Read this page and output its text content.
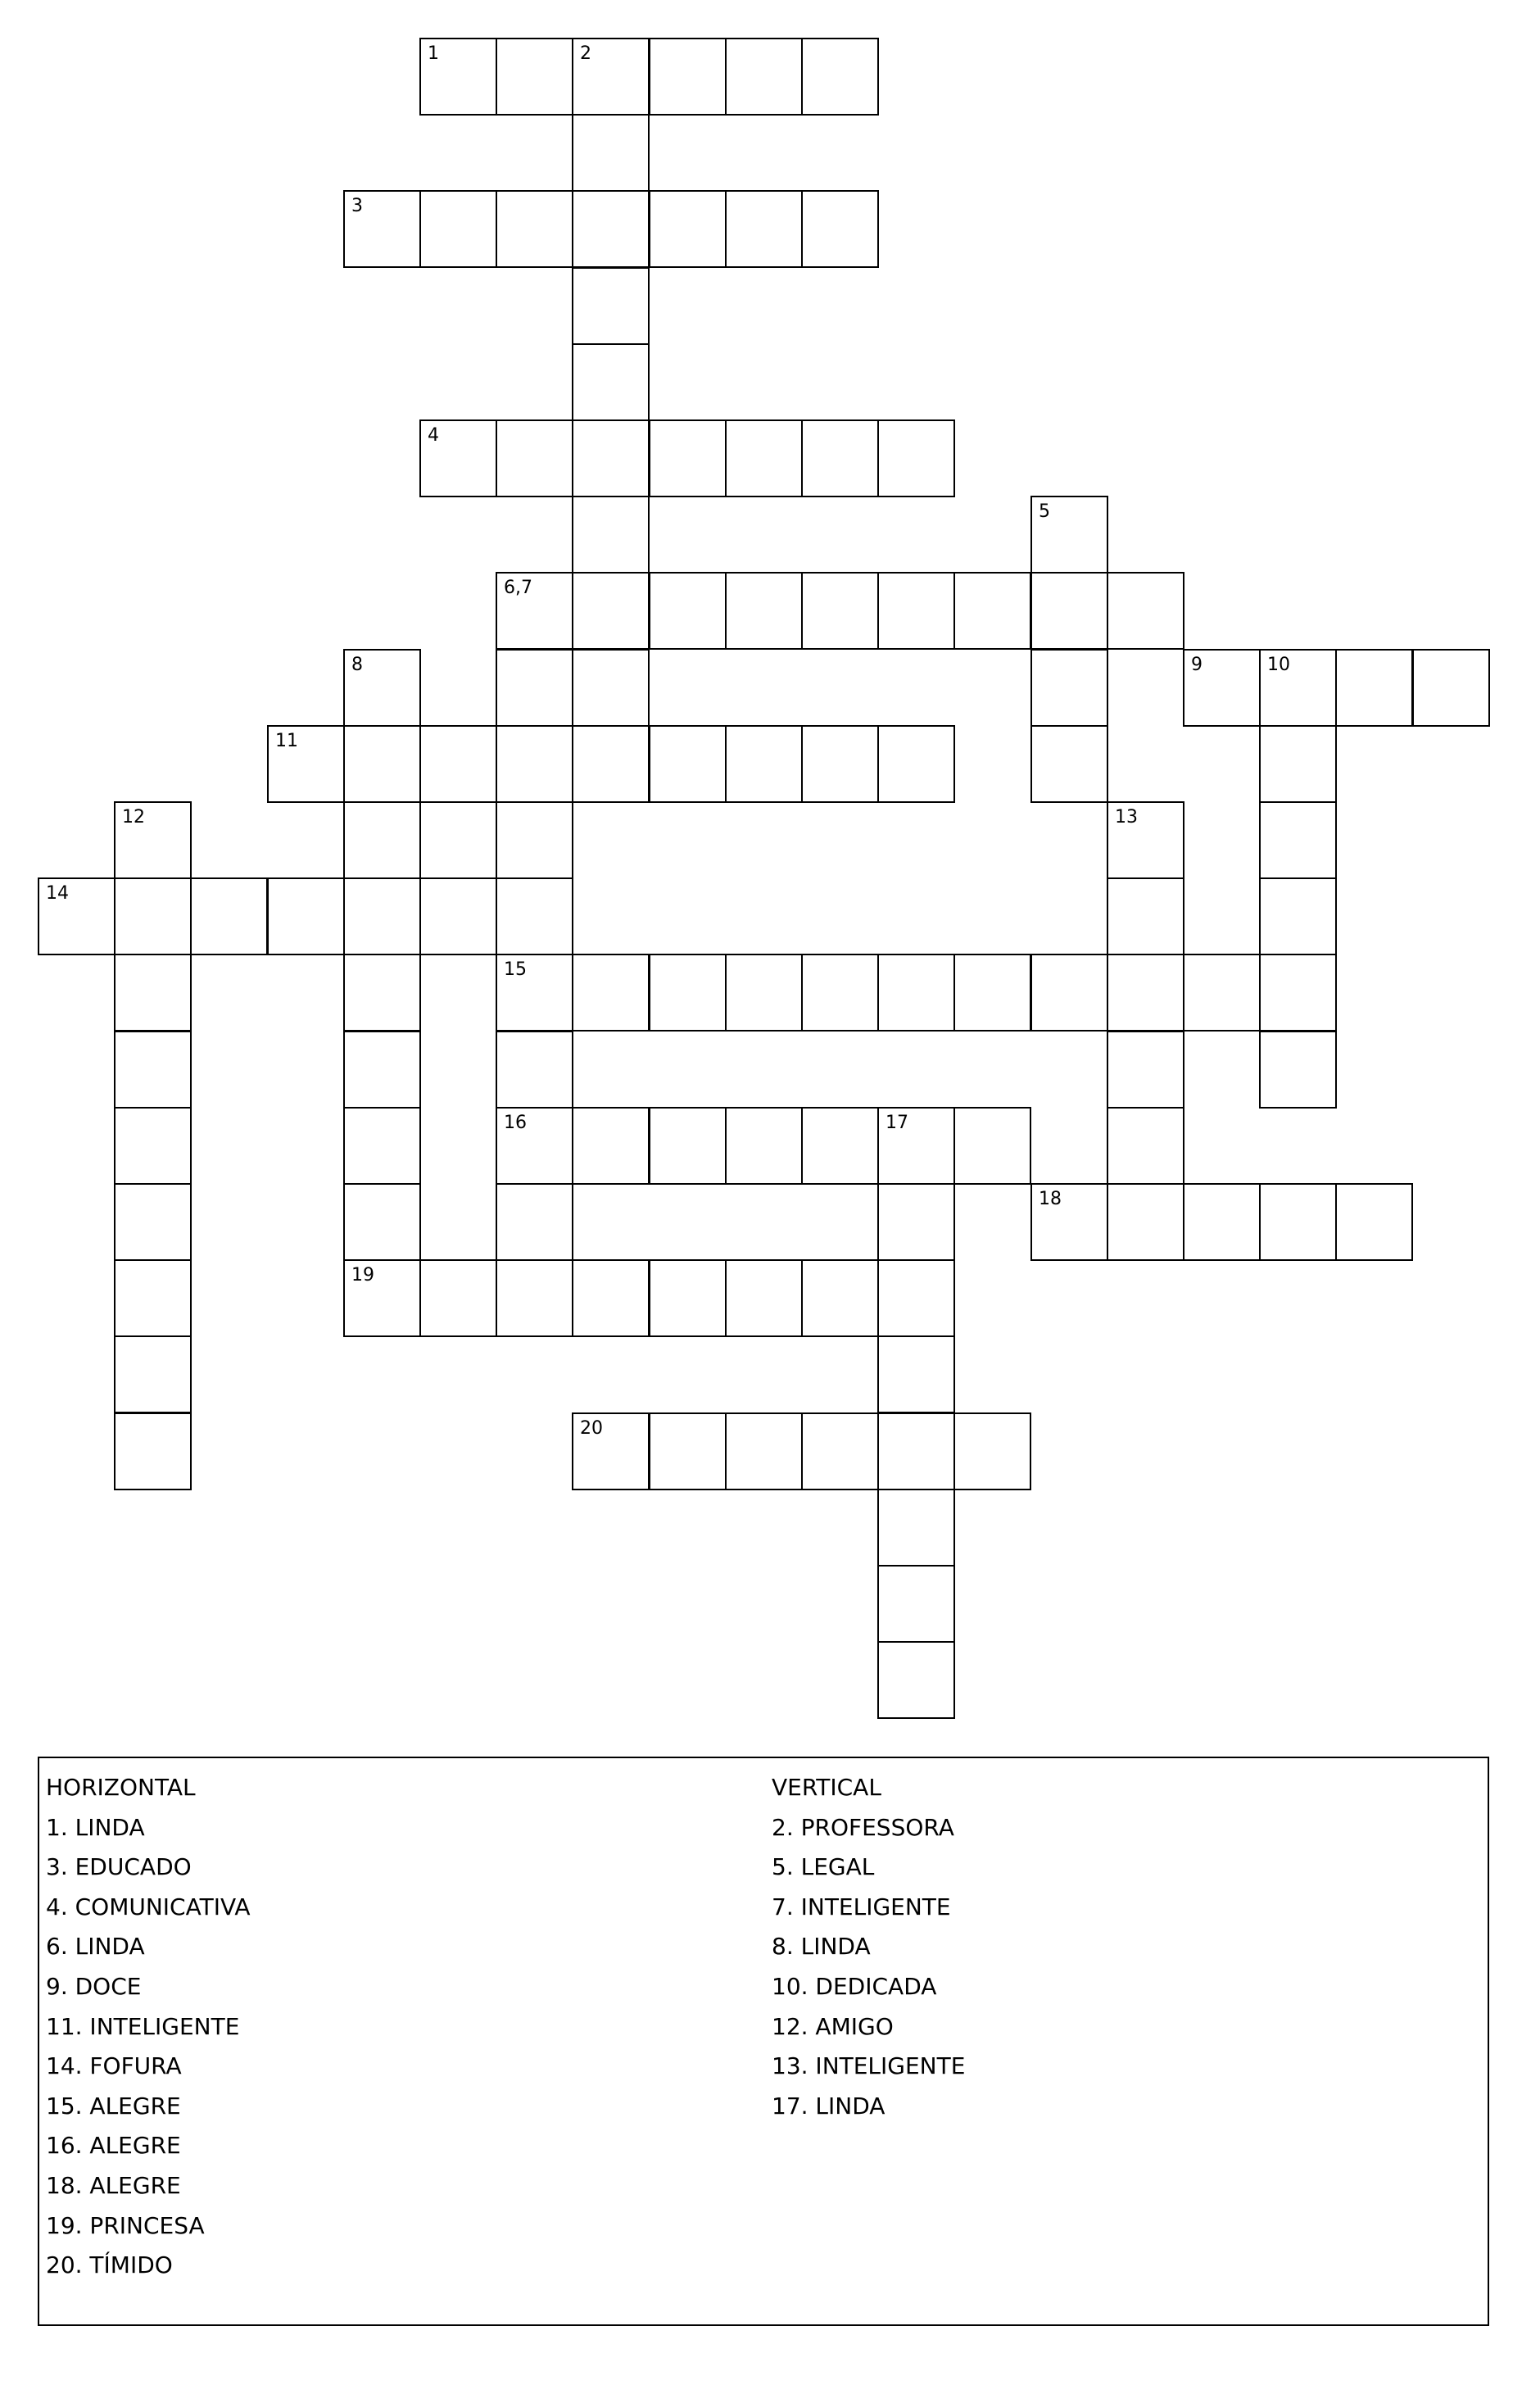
1	2
3
4
5
6,7
15
16
8	9	10
11
12	13
14
17
18
19
20
HORIZONTAL
1. LINDA
3. EDUCADO
4. COMUNICATIVA
6. LINDA
9. DOCE
11. INTELIGENTE
14. FOFURA
15. ALEGRE
16. ALEGRE
18. ALEGRE
19. PRINCESA
20. TÍMIDO
VERTICAL
2. PROFESSORA
5. LEGAL
7. INTELIGENTE
8. LINDA
10. DEDICADA
12. AMIGO
13. INTELIGENTE
17. LINDA
